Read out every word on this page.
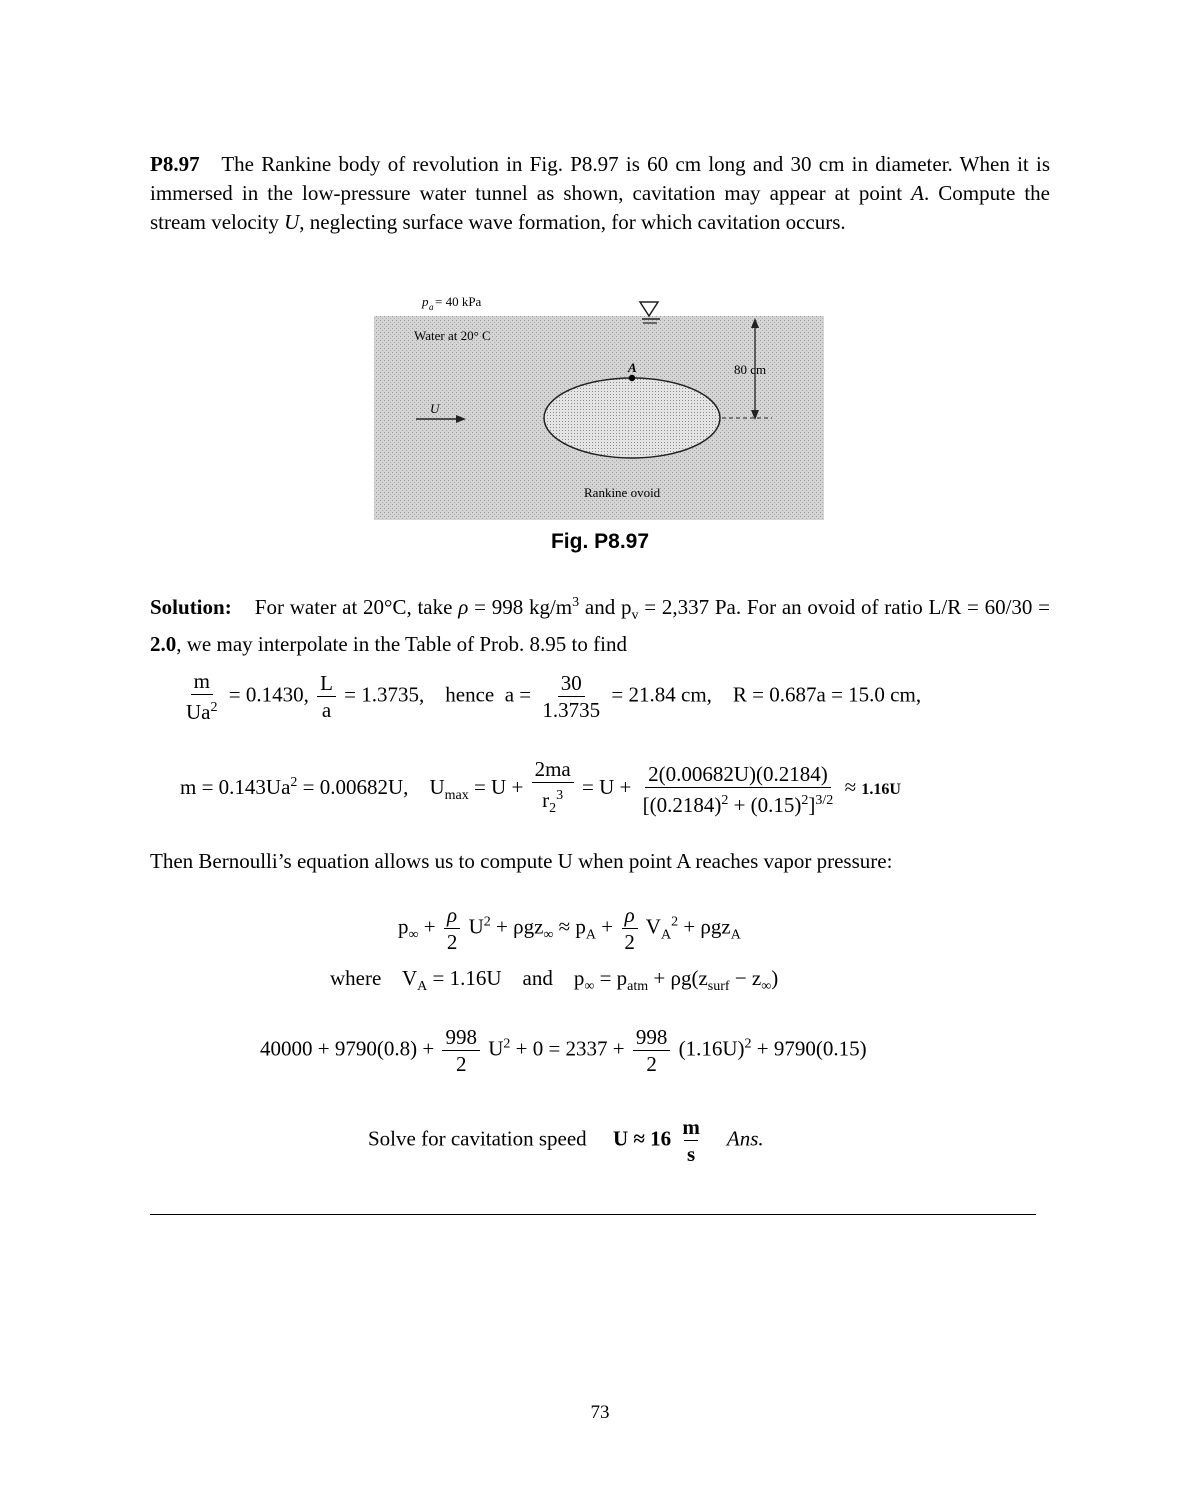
P8.97 The Rankine body of revolution in Fig. P8.97 is 60 cm long and 30 cm in diameter. When it is immersed in the low-pressure water tunnel as shown, cavitation may appear at point A. Compute the stream velocity U, neglecting surface wave formation, for which cavitation occurs.
p a = 40 kPa
Water at 20° C
A	80 cm
U
Rankine ovoid
Fig. P8.97
Solution: For water at 20°C, take ρ = 998 $kg/m^3$ and $p_v = 2,337$ Pa. For an ovoid of ratio L/R = 60/30 = 2.0, we may interpolate in the Table of Prob. 8.95 to find
$\frac{m}{Ua^2} = 0.1430$, $\frac{L}{a} = 1.3735$, hence $a = \frac{30}{1.3735} = 21.84$ cm, R = 0.687a = 15.0 cm,
$m = 0.143Ua^2 = 0.00682U$, $U_{max} = U + \frac{2ma}{r_2^3} = U + \frac{2(0.00682U)(0.2184)}{[(0.2184)^2 + (0.15)^2]^{3/2}} \approx 1.16U$
Then Bernoulli’s equation allows us to compute U when point A reaches vapor pressure:
$p_\infty + \frac{\rho}{2} U^2 + \rho gz_\infty \approx p_A + \frac{\rho}{2} V_A^2 + \rho gz_A$
where $V_A = 1.16U$ and $p_\infty = p_{atm} + \rho g(z_{surf} - z_\infty)$
$40000 + 9790(0.8) + \frac{998}{2} U^2 + 0 = 2337 + \frac{998}{2} (1.16U)^2 + 9790(0.15)$
Solve for cavitation speed $U \approx 16 \frac{m}{s}$ Ans.
73
